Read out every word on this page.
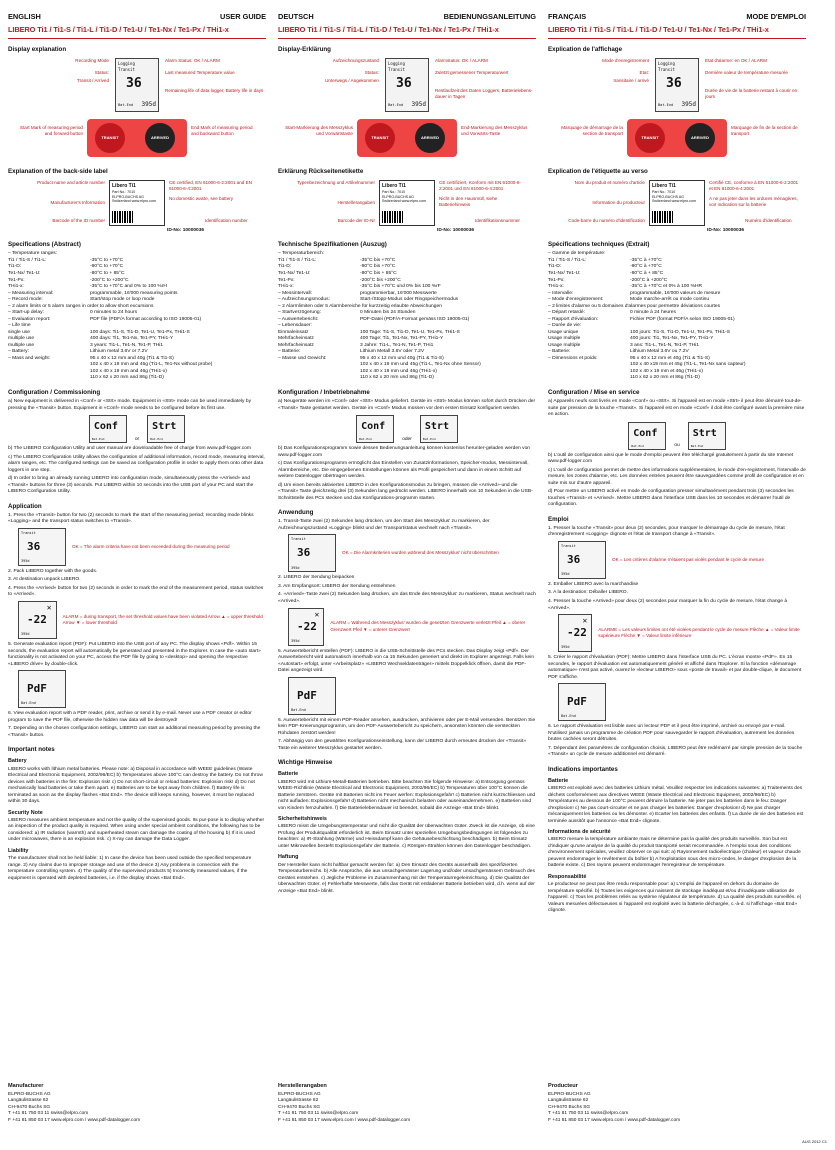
ENGLISH	USER GUIDE
LIBERO Ti1 / Ti1-S / Ti1-L / Ti1-D / Te1-U / Te1-Nx / Te1-Px / THi1-x
Display explanation
Logging
Transit
36
Bat.End 395d
Recording Mode
Status:
Transit / Arrived
Alarm Status: OK / ALARM
Last measured Temperature value
Remaining life of data logger, Battery life in days
TRANSIT	ARRIVED
Start Mark of measuring period and forward button
End Mark of measuring period and backward button
Explanation of the back-side label
Libero Ti1
Part No.: 7010
ELPRO-BUCHS AG Switzerland www.elpro.com
ID-No: 10000036
Product name and article number
Manufacturer's Information
Barcode of the ID number
CE certified, EN 61000-6-2:2001 and EN 61000-6-4:2001
No domestic waste, see battery
Identification number
Specifications (Abstract)
– Temperature ranges:
Ti1 / Ti1-S / Ti1-L:	-35°C to +70°C
Ti1-D:	-90°C to +70°C
Te1-Nx/ Te1-U:	-80°C to + 85°C
Te1-Px:	-200°C to +200°C
THi1-x:	-35°C to +70°C and 0% to 100 %rH
– Measuring interval:	programmable, 16'000 measuring points
– Record mode:	Start/stop mode or loop mode
– 2 alarm limits or 5 alarm ranges in order to allow short excursions
– Start-up delay:	0 minutes to 24 hours
– Evaluation report:	PDF file (PDF/A format according to ISO 19005-01)
– Life time
single use	100 days: Ti1-S, Ti1-D, Te1-U, Te1-Px, THi1-S
multiple use	400 days: Ti1, Te1-Nx, Te1-PY, THi1-Y
multiple use	3 years: Ti1-L, Te1-N, Te1-P, THi1
– Battery:	Lithium metal 3.6V or 7.2V
– Mass and weight:	95 x 40 x 12 mm and 40g (Ti1 & Ti1-S)
102 x 40 x 19 mm and 45g (Ti1-L, Te1-Nx without probe)
102 x 40 x 19 mm and 46g (THi1-x)
110 x 62 x 20 mm and 86g (Ti1-D)
Configuration / Commissioning

a) New equipment is delivered in «Conf» or «Strt» mode. Equipment in «Strt» mode can be used immediately by pressing the «Transit» button. Equipment in «Conf» mode needs to be configured before its first use.

Conf
Bat.End	or
Strt
Bat.End

b) The LIBERO Configuration Utility and user manual are downloadable free of charge from www.pdf-logger.com

c) The LIBERO Configuration Utility allows the configuration of additional information, record mode, measuring interval, alarm ranges, etc. The configured settings can be saved as configuration profile in order to apply them onto other data loggers in one step.

d) In order to bring an already running LIBERO into configuration mode, simultaneously press the «Arrived» and «Transit» buttons for three (3) seconds. Put LIBERO within 10 seconds into the USB port of your PC and start the LIBERO Configuration Utility.

Application

1. Press the «Transit» button for two (2) seconds to mark the start of the measuring period; recording mode blinks «Logging» and the transport status switches to «Transit».

Transit
36
395d
OK = The alarm criteria have not been exceeded during the measuring period

2. Pack LIBERO together with the goods.

3. At destination unpack LIBERO.

4. Press the «Arrived» button for two (2) seconds in order to mark the end of the measurement period, status switches to «Arrived».

✕
-22
395d
ALARM = during transport, the set threshold values have been violated Arrow ▲ = upper threshold Arrow ▼ = lower threshold

5. Generate evaluation report (PDF): Put LIBERO into the USB port of any PC. The display shows «Pdf». Within 15 seconds, the evaluation report will automatically be generated and presented in the Explorer. In case the «auto start» functionality is not activated on your PC, access the PDF file by going to «desktop» and opening the respective «LIBERO drive» by double-click.

PdF
Bat.End

6. View evaluation report with a PDF reader, print, archive or send it by e-mail. Never use a PDF creator or editor program to save the PDF file, otherwise the hidden raw data will be destroyed!

7. Depending on the chosen configuration settings, LIBERO can start an additional measuring period by pressing the «Transit» button.

Important notes
Battery

LIBERO works with lithium metal batteries. Please note: a) Disposal in accordance with WEEE guidelines (Waste Electrical and Electronic Equipment, 2002/96/EC) b) Temperatures above 100°C can destroy the battery. Do not throw devices with batteries in the fire: Explosion risk! c) Do not short-circuit or reload batteries: Explosion risk! d) Do not mechanically load batteries or take them apart. e) Batteries are to be kept away from children. f) Battery life is terminated as soon as the display flashes «Bat End». The device still keeps running, however, it must be replaced within 30 days.

Security Note

LIBERO measures ambient temperature and not the quality of the supervised goods. Its pur-pose is to display whether an inspection of the product quality is required. When using under special ambient conditions, the following has to be considered: a) IR radiation (warmth) and superheated steam can damage the coating of the housing b) If it is used under microwaves, there is an explosion risk. c) X-ray can damage the Data Logger.

Liability

The manufacturer shall not be held liable: 1) In case the device has been used outside the specified temperature range. 2) Any claims due to improper storage and use of the device 3) Any problems in connection with the temperature controlling system. 4) The quality of the supervised products 5) Incorrectly measured values, if the equipment is operated with depleted batteries, i.e. if the display shows «Bat End».

Manufacturer
ELPRO-BUCHS AG
Langäulistrasse 62
CH-9470 Buchs SG
T +41 81 750 03 11 swiss@elpro.com
F +41 81 850 03 17 www.elpro.com / www.pdf-datalogger.com
DEUTSCH	BEDIENUNGSANLEITUNG
LIBERO Ti1 / Ti1-S / Ti1-L / Ti1-D / Te1-U / Te1-Nx / Te1-Px / THi1-x
Display-Erklärung
Logging
Transit
36
Bat.End 395d
Aufzeichnungszustand
Status:
Unterwegs / Angekommen
Alarmstatus: OK / ALARM
Zuletzt gemessener Temperaturwert
Restlaufzeit des Daten Loggers, Batterielebens-dauer in Tagen
TRANSIT	ARRIVED
Start-Markierung des Messzyklus und Vorwärtstaste
End-Markierung des Messzyklus und Vorwärts-Taste
Erklärung Rückseitenetikette
Libero Ti1
Part No.: 7010
ELPRO-BUCHS AG Switzerland www.elpro.com
ID-No: 10000036
Typenbezeichnung und Artikelnummer
Herstellerangaben
Barcode der ID-Nr
CE certifiziert, Konform mit EN 61000-6-2:2001 und EN 61000-6-4:2001
Nicht in den Hausmüll, siehe Batteriehinweis
Identifikationsnummer
Technische Spezifikationen (Auszug)
– Temperaturbereich:
Ti1 / Ti1-S / Ti1-L:	-35°C bis +70°C
Ti1-D:	-90°C bis +70°C
Te1-Nx/ Te1-U:	-80°C bis + 85°C
Te1-Px:	-200°C bis +200°C
THi1-x:	-35°C bis +70°C und 0% bis 100 %rF
– Messintervall:	programmierbar, 16'000 Messwerte
– Aufzeichnungsmodus:	Start-/Stopp-Modus oder Ringspeichermodus
– 2 Alarmlimiten oder 5 Alarmbereiche für kurzzeitig erlaubte Abweichungen
– Startverzögerung:	0 Minuten bis 24 Stunden
– Auswertebericht:	PDF-Datei (PDF/A-Format gemäss ISO 19005-01)
– Lebensdauer:
Einmaleinsatz	100 Tage: Ti1-S, Ti1-D, Te1-U, Te1-Px, THi1-S
Mehrfacheinsatz	400 Tage: Ti1, Te1-Nx, Te1-PY, THi1-Y
Mehrfacheinsatz	3 Jahre: Ti1-L, Te1-N, Te1-P, THi1
– Batterie:	Lithium Metall 3.6V oder 7.2V
– Masse und Gewicht:	95 x 40 x 12 mm und 40g (Ti1 & Ti1-S)
102 x 40 x 19 mm und 45g (Ti1-L, Te1-Nx ohne Sensor)
102 x 40 x 19 mm und 46g (THi1-x)
110 x 62 x 20 mm und 86g (Ti1-D)
Konfiguration / Inbetriebnahme

a) Neugeräte werden im «Conf» oder «Strt» Modus geliefert. Geräte im «Strt» Modus können sofort durch Drücken der «Transit» Taste gestartet werden. Geräte im «Conf» Modus müssen vor dem ersten Einsatz konfiguriert werden.

Conf
Bat.End	oder
Strt
Bat.End

b) Das Konfigurationsprogramm sowie dessen Bedienungsanleitung können kostenlos herunter-geladen werden von www.pdf-logger.com

c) Das Konfigurationsprogramm ermöglicht das Einstellen von Zusatzinformationen, Speicher-modus, Messintervall, Alarmbereiche, etc. Die eingegebenen Einstellungen können als Profil gespeichert und dann in einem Schritt auf weitere Datenlogger übertragen werden.

d) Um einen bereits aktivierten LIBERO in den Konfigurationsmodus zu bringen, müssen die «Arrived»-und die «Transit» Taste gleichzeitig drei (3) Sekunden lang gedrückt werden. LIBERO innerhalb von 10 Sekunden in die USB-Schnittstelle des PCs stecken und das Konfigurations-programm starten.

Anwendung

1. Transit-Taste zwei (2) Sekunden lang drücken, um den Start des Messzyklus' zu markieren, der Aufzeichnungszustand «Logging» blinkt und der Transportstatus wechselt nach «Transit».

Transit
36
395d
OK = Die Alarmkriterien wurden während des Messzyklus' nicht überschritten

2. LIBERO der Sendung beipacken

3. Am Empfangsort: LIBERO der Sendung entnehmen

4. «Arrived»-Taste zwei (2) Sekunden lang drücken, um das Ende des Messzyklus' zu markieren, Status wechselt nach «Arrived».

✕
-22
395d
ALARM = Während des Messzyklus' wurden die gesetzten Grenzwerte verletzt Pfeil ▲ = oberer Grenzwert Pfeil ▼ = unterer Grenzwert

5. Auswertebericht erstellen (PDF): LIBERO in die USB-Schnittstelle des PCs stecken. Das Display zeigt «Pdf». Der Auswertebericht wird automatisch innerhalb von ca 15 Sekunden generiert und direkt im Explorer angezeigt. Falls kein «Autostart» erfolgt, unter «Arbeitsplatz» «LIBERO Wechseldatenträger» mittels Doppelklick öffnen, damit die PDF-Datei angezeigt wird.

PdF
Bat.End

6. Auswertebericht mit einem PDF-Reader ansehen, ausdrucken, archivieren oder per E-Mail versenden. Benützen Sie kein PDF-Kreierungsprogramm, um den PDF-Auswertebericht zu speichern, ansonsten könnten die versteckten Rohdaten zerstört werden!

7. Abhängig von den gewählten Konfigurationseinstellung, kann der LIBERO durch erneutes drücken der «Transit» Taste ein weiterer Messzyklus gestartet werden.

Wichtige Hinweise
Batterie

LIBERO wird mit Lithium-Metall-Batterien betrieben. Bitte beachten Sie folgende Hinweise: a) Entsorgung gemäss WEEE-Richtlinie (Waste Electrical and Electronic Equipment, 2002/96/EC) b) Temperaturen über 100°C können die Batterie zerstören. Geräte mit Batterien nicht ins Feuer werfen: Explosionsgefahr! c) Batterien nicht kurzschliessen und nicht aufladen: Explosionsgefahr! d) Batterien nicht mechanisch belasten oder auseinandernehmen. e) Batterien sind von Kindern fernzuhalten. f) Die Batterielebensdauer ist beendet, sobald die Anzeige «Bat End» blinkt.

Sicherheitshinweis

LIBERO misst die Umgebungstemperatur und nicht die Qualität der überwachten Güter. Zweck ist die Anzeige, ob eine Prüfung der Produktqualität erforderlich ist. Beim Einsatz unter speziellen Umgebungsbedingungen ist folgendes zu beachten: a) IR-Strahlung (Wärme) und Heissdampf kann die Gehäusebeschichtung beschädigen. b) Beim Einsatz unter Mikrowellen besteht Explosionsgefahr der Batterie. c) Röntgen-Strahlen können den Datenlogger beschädigen.

Haftung

Der Hersteller kann nicht haftbar gemacht werden für: a) Den Einsatz des Geräts ausserhalb des spezifizierten Temperaturbereichs. b) Alle Ansprüche, die aus unsachgemässer Lagerung und/oder unsachgemässem Gebrauch des Gerätes entstehen. c) Jegliche Probleme im Zusammenhang mit der Temperaturregeleinrichtung. d) Die Qualität der überwachten Güter. e) Fehlerhafte Messwerte, falls das Gerät mit entladener Batterie betrieben wird, d.h. wenn auf der Anzeige «Bat End» blinkt.

Herstellerangaben
ELPRO-BUCHS AG
Langäulistrasse 62
CH-9470 Buchs SG
T +41 81 750 03 11 swiss@elpro.com
F +41 81 850 03 17 www.elpro.com / www.pdf-datalogger.com
FRANÇAIS	MODE D'EMPLOI
LIBERO Ti1 / Ti1-S / Ti1-L / Ti1-D / Te1-U / Te1-Nx / Te1-Px / THi1-x
Explication de l'affichage
Logging
Transit
36
Bat.End 395d
Mode d'enregistrement
Etat:
transitaire / arrivé
Etat d'alarme: en OK / ALARM
Dernière valeur de température mesurée
Durée de vie de la batterie restant à courir en jours
TRANSIT	ARRIVED
Marquage de démarrage de la section de transport
Marquage de fin de la section de transport
Explication de l'étiquette au verso
Libero Ti1
Part No.: 7010
ELPRO-BUCHS AG Switzerland www.elpro.com
ID-No: 10000036
Nom du produit et numéro d'article
Information du producteur
Code-barre du numéro d'identification
Certifié CE, conforme à EN 61000-6-2:2001 et EN 61000-6-4:2001
A ne pas jeter dans les ordures ménagères, voir indication sur la batterie
Numéro d'identification
Spécifications techniques (Extrait)
– Gamme de température:
Ti1 / Ti1-S / Ti1-L:	-35°C à +70°C
Ti1-D:	-90°C à +70°C
Te1-Nx/ Te1-U:	-80°C à + 85°C
Te1-Px:	-200°C à +200°C
THi1-x:	-35°C à +70°C et 0% à 100 %HR
– Intervalle:	programmable, 16'000 valeurs de mesure
– Mode d'enregistrement:	Mode marche-arrêt ou mode continu
– 2 limites d'alarme ou 5 domaines d'alarmes pour permettre déviations courtes
– Départ retardé:	0 minute à 24 heures
– Rapport d'évaluation:	Fichier PDF (format PDF/A selon ISO 19005-01)
– Durée de vie:
Usage unique	100 jours: Ti1-S, Ti1-D, Te1-U, Te1-Px, THi1-S
Usage multiple	400 jours: Ti1, Te1-Nx, Te1-PY, THi1-Y
Usage multiple	3 ans: Ti1-L, Te1-N, Te1-P, THi1
– Batterie:	Lithium Metal 3.6V ou 7.2V
– Dimensions et poids:	95 x 40 x 12 mm et 40g (Ti1 & Ti1-S)
102 x 40 x19 mm et 45g (Ti1-L, Te1-Nx sans capteur)
102 x 40 x 19 mm et 46g (THi1-x)
110 x 62 x 20 mm et 86g (Ti1-D)
Configuration / Mise en service

a) Appareils neufs sont livrés en mode «Conf» ou «Strt». Si l'appareil est en mode «Strt» il peut être démarré tout-de-suite par pression de la touche «Transit». Si l'appareil est en mode «Conf» il doit être configuré avant la première mise en action.

Conf
Bat.End	ou
Strt
Bat.End

b) L'outil de configuration ainsi que le mode d'emploi peuvent être téléchargé gratuitement à partir du site Internet www.pdf-logger.com

c) L'outil de configuration permet de mettre des informations supplémentaires, le mode d'en-registrement, l'intervalle de mesure, les zones d'alarme, etc. Les données entrées peuvent être sauvegardées comme profil de configuration et en suite mis sur d'autre appareil.

d) Pour mettre un LIBERO activé en mode de configuration presser simultanément pendant trois (3) secondes les touches «Transit» et «Arrived». Mettre LIBERO dans l'interface USB dans les 10 secondes et démarrer l'outil de configuration.

Emploi

1. Presser la touche «Transit» pour deux (2) secondes, pour marquer le démarrage du cycle de mesure, l'état d'enregistrement «Logging» clignote et l'état de transport change à «Transit».

Transit
36
395d
OK = Les critères d'alarme n'étaient pas violés pendant le cycle de mesure

2. Emballer LIBERO avec la marchandise

3. A la destination: Déballer LIBERO.

4. Presser la touche «Arrived» pour deux (2) secondes pour marquer la fin du cycle de mesure, l'état change à «Arrived».

✕
-22
395d
ALARME = Les valeurs limites ont été violées pendant le cycle de mesure Flèche ▲ = Valeur limite supérieure Flèche ▼ = Valeur limite inférieure

5. Créer le rapport d'évaluation (PDF): Mettre LIBERO dans l'interface USB du PC. L'écran montre «PdF». En 15 secondes, le rapport d'évaluation est automatiquement généré et affiché dans l'Explorer. Si la fonction «démarrage automatique» n'est pas activé, ouvrez le «lecteur LIBERO» sous «poste de travail» et par double-clique, le document PDF s'affiche.

PdF
Bat.End

6. Le rapport d'évaluation est lisible avec un lecteur PDF et il peut être imprimé, archivé ou envoyé par e-mail. N'utilisez jamais un programme de création PDF pour sauvegarder le rapport d'évaluation, autrement les données brutes cachées seront détruites.

7. Dépendant des paramètres de configuration choisis, LIBERO peut être redémarré par simple pression de la touche «Transit» un cycle de mesure additionnel est démarré.

Indications importantes
Batterie

LIBERO est exploité avec des batteries Lithium métal. Veuillez respecter les indications suivantes: a) Traitements des déchets conformément aux directives WEEE (Waste Electrical and Electronic Equipment, 2002/96/EC) b) Températures au dessous de 100°C peuvent détruire la batterie. Ne jeter pas les batteries dans le feu: Danger d'explosion! c) Ne pas court-circuiter et ne pas charger les batteries: Danger d'explosion! d) Ne pas charger mécaniquement les batteries ou les démonter. e) Ecarter les batteries des enfants. f) La durée de vie des batteries est terminée aussitôt que l'annonce «Bat End» clignote.

Informations de sécurité

LIBERO mesure la température ambiante mais ne détermine pas la qualité des produits surveillés. Son but est d'indiquer qu'une analyse de la qualité du produit transporté serait recommandée. A l'emploi sous des conditions d'environnement spéciales, veuillez observer ce qui suit: a) Rayonnement radioélectrique (chaleur) et vapeur chaude peuvent endommager le revêtement du boîtier b) A l'exploitation sous des micro-ondes, le danger d'explosion de la batterie existe. c) Des rayons peuvent endommager l'enregistreur de température.

Responsabilité

Le producteur ne peut pas être rendu responsable pour: a) L'emploi de l'appareil en dehors du domaine de température spécifié. b) Toutes les exigences qui naissent de stockage inadéquat et/ou d'inadéquate utilisation de l'appareil. c) Tous les problèmes reliés au système régulateur de température. d) La qualité des produits surveillés. e) Valeurs mesurées défectueuses si l'appareil est exploité avec la batterie déchargée, c.-à-d. si l'affichage «Bat End» clignote.

Producteur
ELPRO-BUCHS AG
Langäulistrasse 62
CH-9470 Buchs SG
T +41 81 750 03 11 swiss@elpro.com
F +41 81 850 03 17 www.elpro.com / www.pdf-datalogger.com
AUG 2012 C1
